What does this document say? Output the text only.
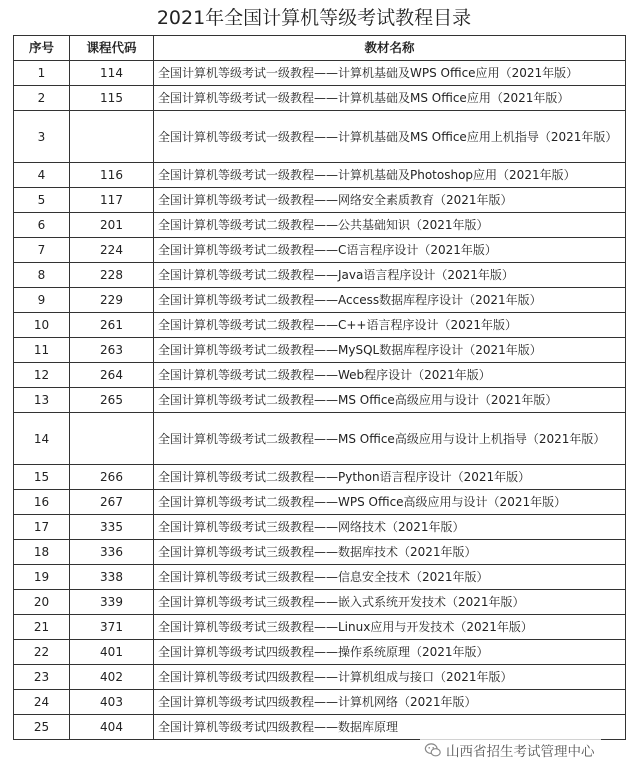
2021年全国计算机等级考试教程目录
序号	课程代码	教材名称
1	114	全国计算机等级考试一级教程——计算机基础及WPS Office应用（2021年版）
2	115	全国计算机等级考试一级教程——计算机基础及MS Office应用（2021年版）
3		全国计算机等级考试一级教程——计算机基础及MS Office应用上机指导（2021年版）
4	116	全国计算机等级考试一级教程——计算机基础及Photoshop应用（2021年版）
5	117	全国计算机等级考试一级教程——网络安全素质教育（2021年版）
6	201	全国计算机等级考试二级教程——公共基础知识（2021年版）
7	224	全国计算机等级考试二级教程——C语言程序设计（2021年版）
8	228	全国计算机等级考试二级教程——Java语言程序设计（2021年版）
9	229	全国计算机等级考试二级教程——Access数据库程序设计（2021年版）
10	261	全国计算机等级考试二级教程——C++语言程序设计（2021年版）
11	263	全国计算机等级考试二级教程——MySQL数据库程序设计（2021年版）
12	264	全国计算机等级考试二级教程——Web程序设计（2021年版）
13	265	全国计算机等级考试二级教程——MS Office高级应用与设计（2021年版）
14		全国计算机等级考试二级教程——MS Office高级应用与设计上机指导（2021年版）
15	266	全国计算机等级考试二级教程——Python语言程序设计（2021年版）
16	267	全国计算机等级考试二级教程——WPS Office高级应用与设计（2021年版）
17	335	全国计算机等级考试三级教程——网络技术（2021年版）
18	336	全国计算机等级考试三级教程——数据库技术（2021年版）
19	338	全国计算机等级考试三级教程——信息安全技术（2021年版）
20	339	全国计算机等级考试三级教程——嵌入式系统开发技术（2021年版）
21	371	全国计算机等级考试三级教程——Linux应用与开发技术（2021年版）
22	401	全国计算机等级考试四级教程——操作系统原理（2021年版）
23	402	全国计算机等级考试四级教程——计算机组成与接口（2021年版）
24	403	全国计算机等级考试四级教程——计算机网络（2021年版）
25	404	全国计算机等级考试四级教程——数据库原理
山西省招生考试管理中心
